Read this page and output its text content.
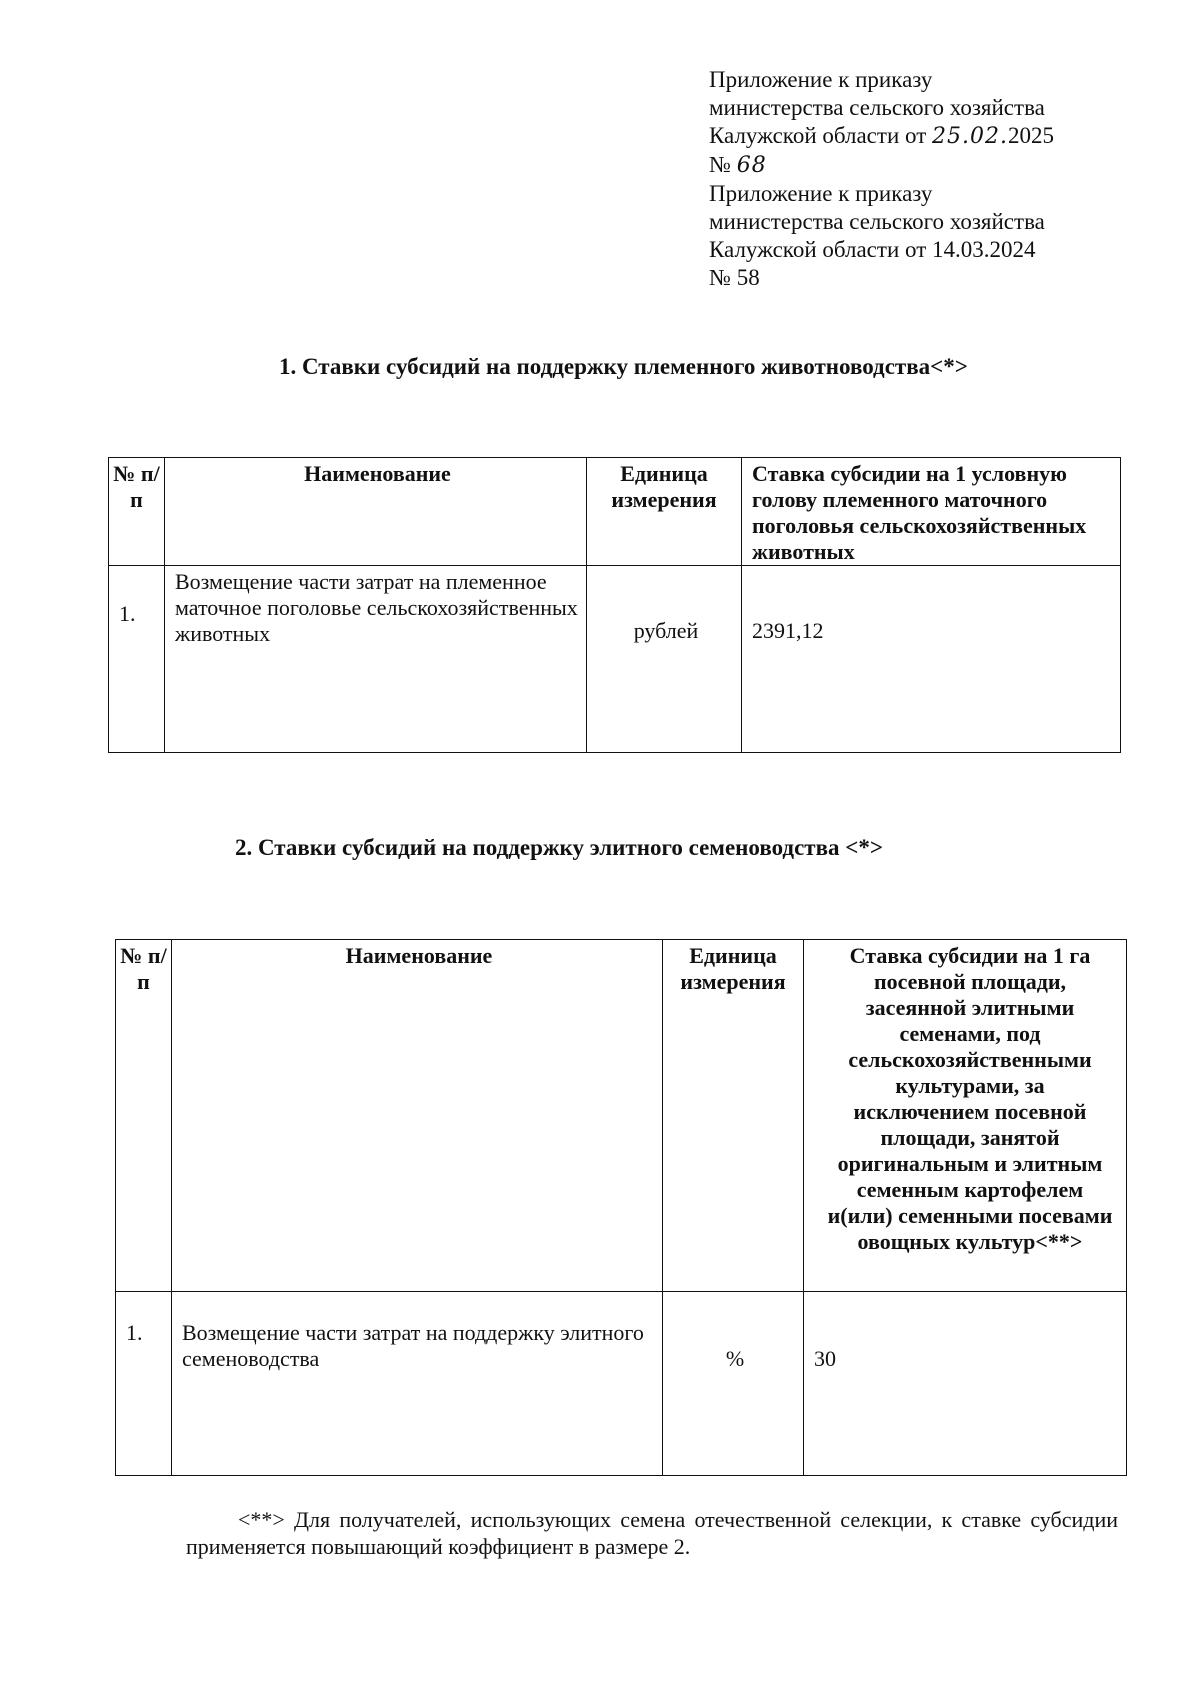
Приложение к приказу
министерства сельского хозяйства
Калужской области от 25.02.2025
№ 68
Приложение к приказу
министерства сельского хозяйства
Калужской области от 14.03.2024
№ 58
1. Ставки субсидий на поддержку племенного животноводства<*>
№ п/п	Наименование	Единица измерения	Ставка субсидии на 1 условную голову племенного маточного поголовья сельскохозяйственных животных
1.	Возмещение части затрат на племенное маточное поголовье сельскохозяйственных животных	рублей	2391,12
2. Ставки субсидий на поддержку элитного семеноводства <*>
№ п/п	Наименование	Единица измерения	Ставка субсидии на 1 га посевной площади, засеянной элитными семенами, под сельскохозяйственными культурами, за исключением посевной площади, занятой оригинальным и элитным семенным картофелем и(или) семенными посевами овощных культур<**>
1.	Возмещение части затрат на поддержку элитного семеноводства	%	30
<**> Для получателей, использующих семена отечественной селекции, к ставке субсидии применяется повышающий коэффициент в размере 2.
